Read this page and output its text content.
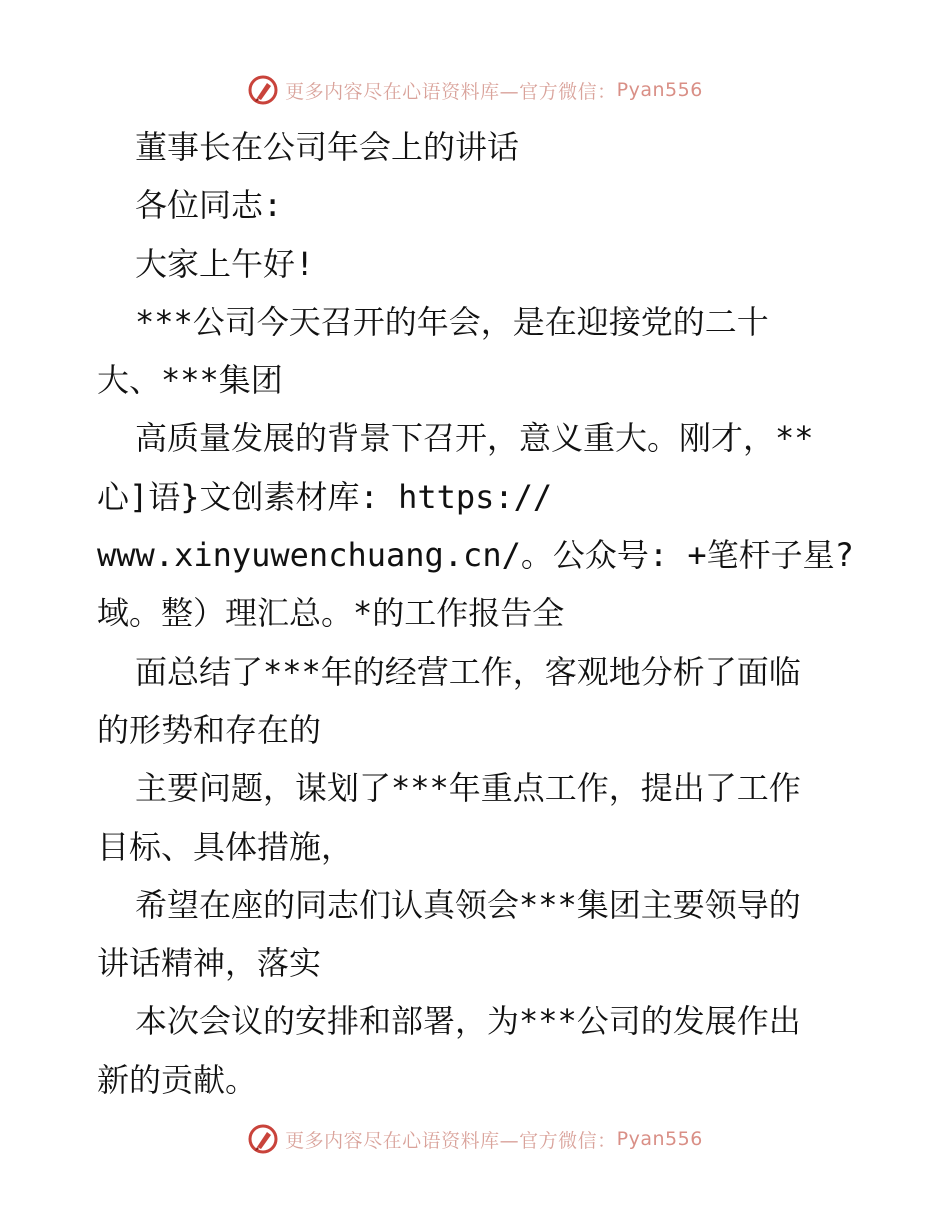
更多内容尽在心语资料库—官方微信： Pyan556
董事长在公司年会上的讲话
各位同志:
大家上午好!
***公司今天召开的年会，是在迎接党的二十
大、***集团
高质量发展的背景下召开，意义重大。刚才，**
心]语}文创素材库: https://
www.xinyuwenchuang.cn/。公众号: +笔杆子星?
域。整）理汇总。*的工作报告全
面总结了***年的经营工作，客观地分析了面临
的形势和存在的
主要问题，谋划了***年重点工作，提出了工作
目标、具体措施，
希望在座的同志们认真领会***集团主要领导的
讲话精神，落实
本次会议的安排和部署，为***公司的发展作出
新的贡献。
更多内容尽在心语资料库—官方微信： Pyan556
